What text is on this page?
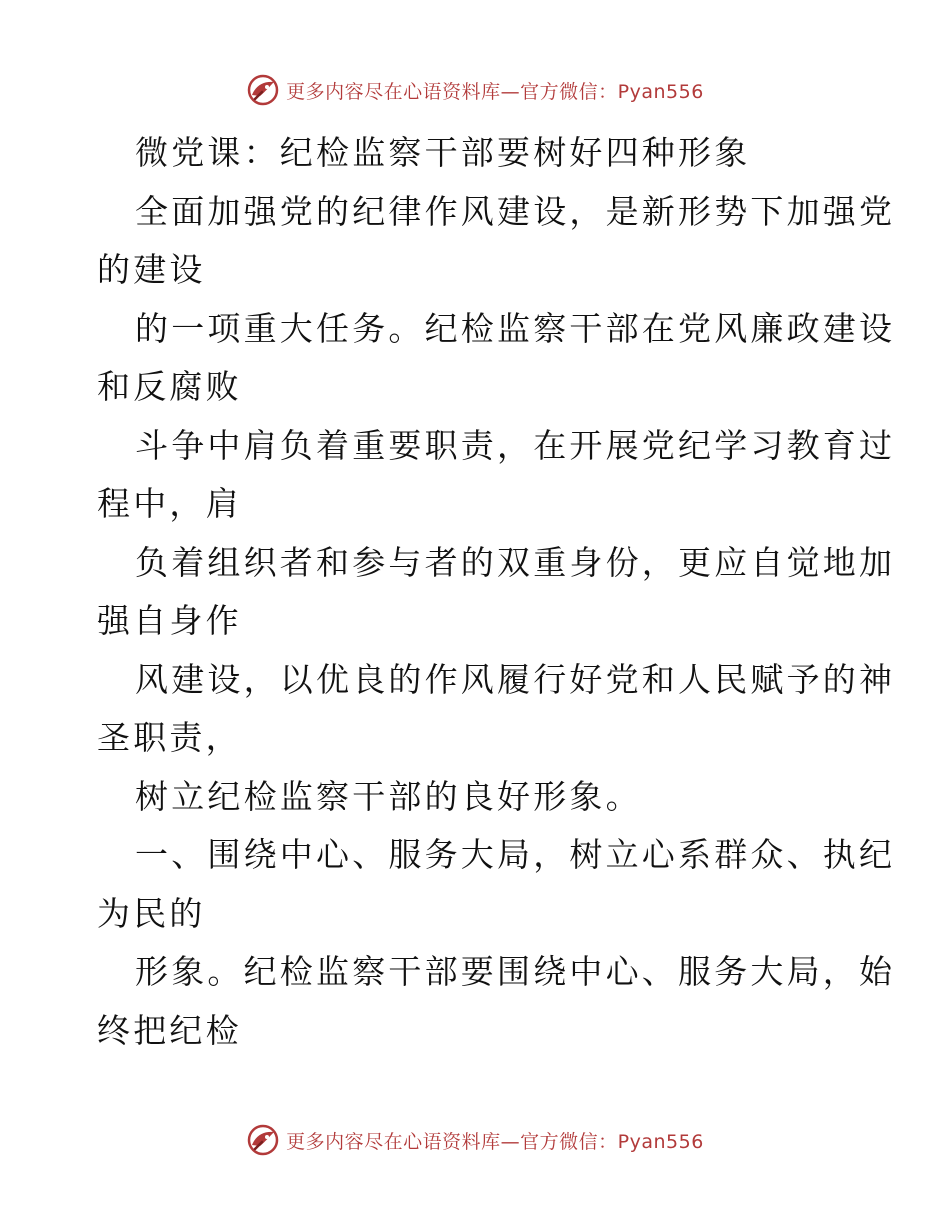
更多内容尽在心语资料库—官方微信：Pyan556
微党课：纪检监察干部要树好四种形象
全面加强党的纪律作风建设，是新形势下加强党
的建设
的一项重大任务。纪检监察干部在党风廉政建设
和反腐败
斗争中肩负着重要职责，在开展党纪学习教育过
程中，肩
负着组织者和参与者的双重身份，更应自觉地加
强自身作
风建设，以优良的作风履行好党和人民赋予的神
圣职责，
树立纪检监察干部的良好形象。
一、围绕中心、服务大局，树立心系群众、执纪
为民的
形象。纪检监察干部要围绕中心、服务大局，始
终把纪检
更多内容尽在心语资料库—官方微信：Pyan556
